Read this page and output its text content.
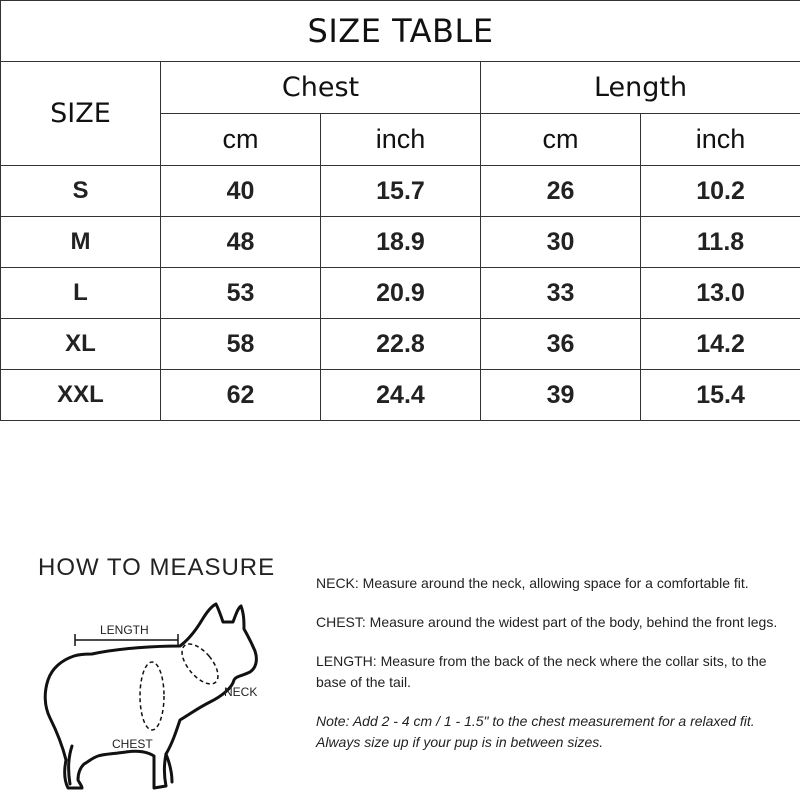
SIZE TABLE				
SIZE	Chest		Length	
	cm	inch	cm	inch
S	40	15.7	26	10.2
M	48	18.9	30	11.8
L	53	20.9	33	13.0
XL	58	22.8	36	14.2
XXL	62	24.4	39	15.4
HOW TO MEASURE
LENGTH
NECK
CHEST

NECK: Measure around the neck, allowing space for a comfortable fit.

CHEST: Measure around the widest part of the body, behind the front legs.

LENGTH: Measure from the back of the neck where the collar sits, to the base of the tail.

Note: Add 2 - 4 cm / 1 - 1.5" to the chest measurement for a relaxed fit. Always size up if your pup is in between sizes.
